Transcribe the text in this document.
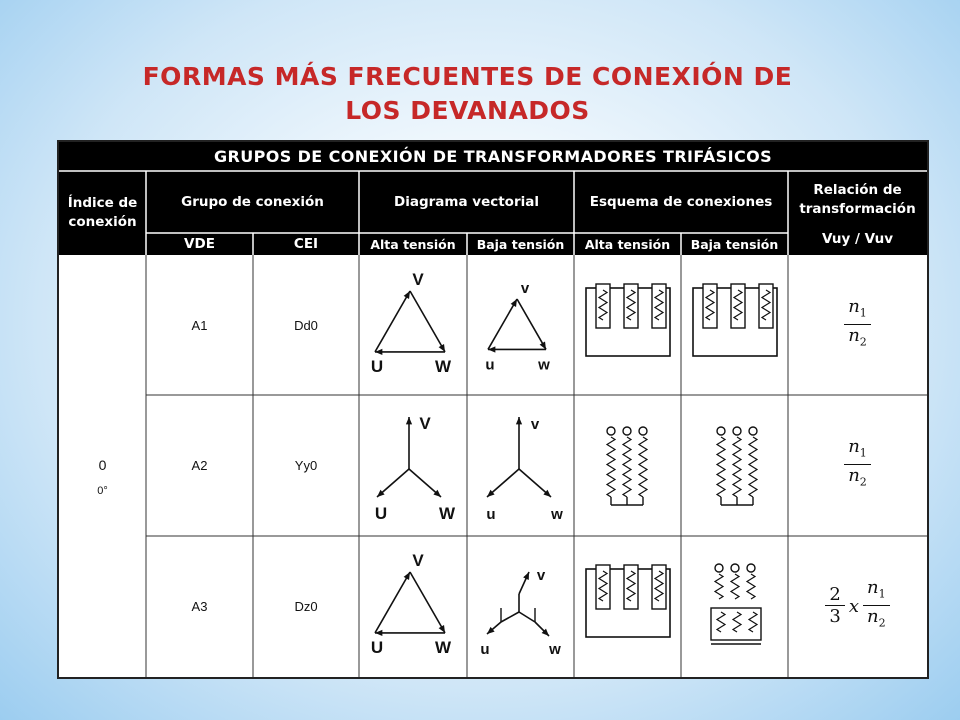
FORMAS MÁS FRECUENTES DE CONEXIÓN DE
LOS DEVANADOS
V
U	W
v
u	w
V
U	W
v
u	w
V
U	W
v
u	w
GRUPOS DE CONEXIÓN DE TRANSFORMADORES TRIFÁSICOS
Índice de conexión
Grupo de conexión	Diagrama vectorial	Esquema de conexiones
Relación de transformación
Vuy / Vuv
VDE	CEI	Alta tensión	Baja tensión	Alta tensión	Baja tensión
0
0°
A1	Dd0	$\frac{n_1}{n_2}$
A2	Yy0	$\frac{n_1}{n_2}$
A3	Dz0	$\frac{2}{3}$ x $\frac{n_1}{n_2}$
